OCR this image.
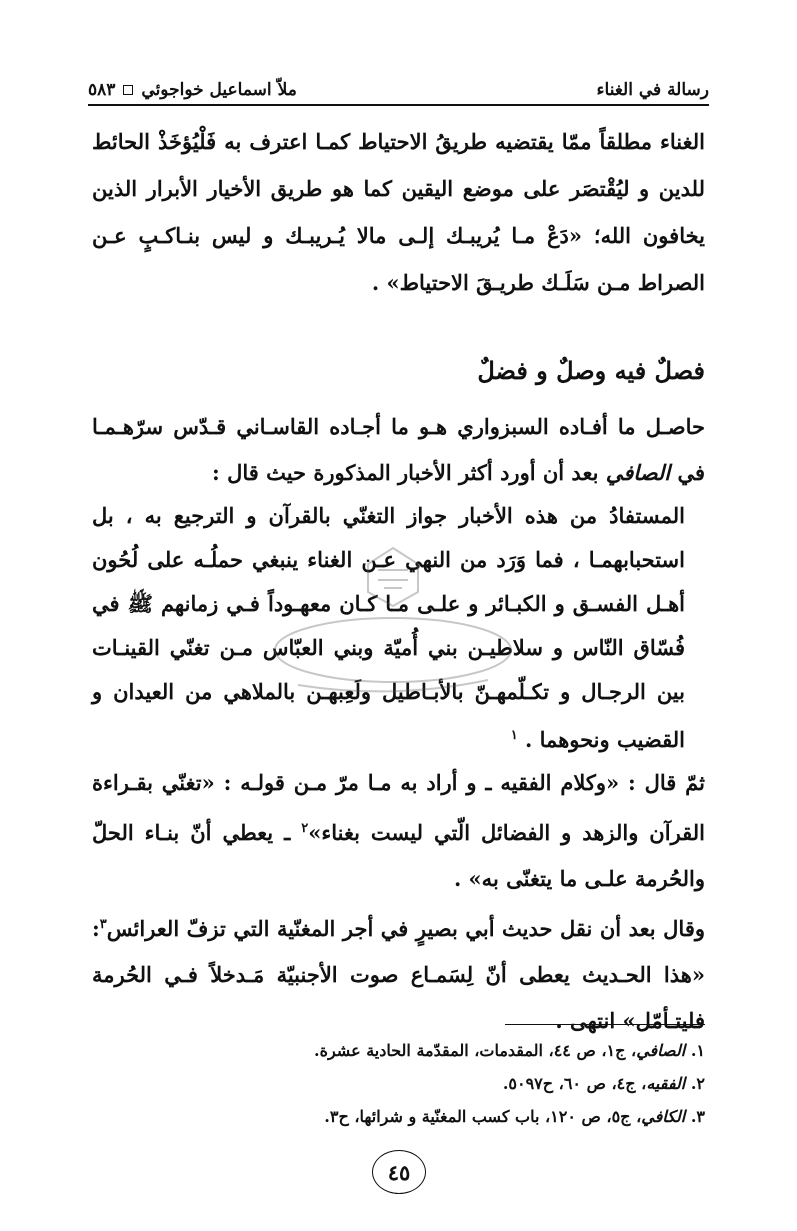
رسالة في الغناء
ملاّ اسماعيل خواجوئي
٥٨٣

الغناء مطلقاً ممّا يقتضيه طريقُ الاحتياط كمـا اعترف به فَلْيُؤخَذْ الحائط للدين و ليُقْتصَر على موضع اليقين كما هو طريق الأخيار الأبرار الذين يخافون الله؛ «دَعْ مـا يُريبـك إلـى مالا يُـريبـك و ليس بنـاكـبٍ عـن الصراط مـن سَلَـك طريـقَ الاحتياط» .

فصلٌ فيه وصلٌ و فضلٌ

حاصـل ما أفـاده السبزواري هـو ما أجـاده القاسـاني قـدّس سرّهـمـا في الصافي بعد أن أورد أكثر الأخبار المذكورة حيث قال :

المستفادُ من هذه الأخبار جواز التغنّي بالقرآن و الترجيع به ، بل استحبابهمـا ، فما وَرَد من النهي عـن الغناء ينبغي حملُـه على لُحُون أهـل الفسـق و الكبـائر و علـى مـا كـان معهـوداً فـي زمانهم ﷺ في فُسّاق النّاس و سلاطيـن بني أُميّة وبني العبّاس مـن تغنّي القينـات بين الرجـال و تكـلّمهـنّ بالأبـاطيل ولَعِبهـن بالملاهي من العيدان و القضيب ونحوهما . $^١$

ثمّ قال : «وكلام الفقيه ـ و أراد به مـا مرّ مـن قولـه : «تغنّي بقـراءة القرآن والزهد و الفضائل الّتي ليست بغناء»$^٢$ ـ يعطي أنّ بنـاء الحلّ والحُرمة علـى ما يتغنّى به» .

وقال بعد أن نقل حديث أبي بصيرٍ في أجر المغنّية التي تزفّ العرائس$^٣$: «هذا الحـديث يعطى أنّ لِسَمـاع صوت الأجنبيّة مَـدخلاً فـي الحُرمة فليتـأمّل» انتهى .

١. الصافي، ج١، ص ٤٤، المقدمات، المقدّمة الحادية عشرة.
٢. الفقيه، ج٤، ص ٦٠، ح٥٠٩٧.
٣. الكافي، ج٥، ص ١٢٠، باب كسب المغنّية و شرائها، ح٣.
٤٥
